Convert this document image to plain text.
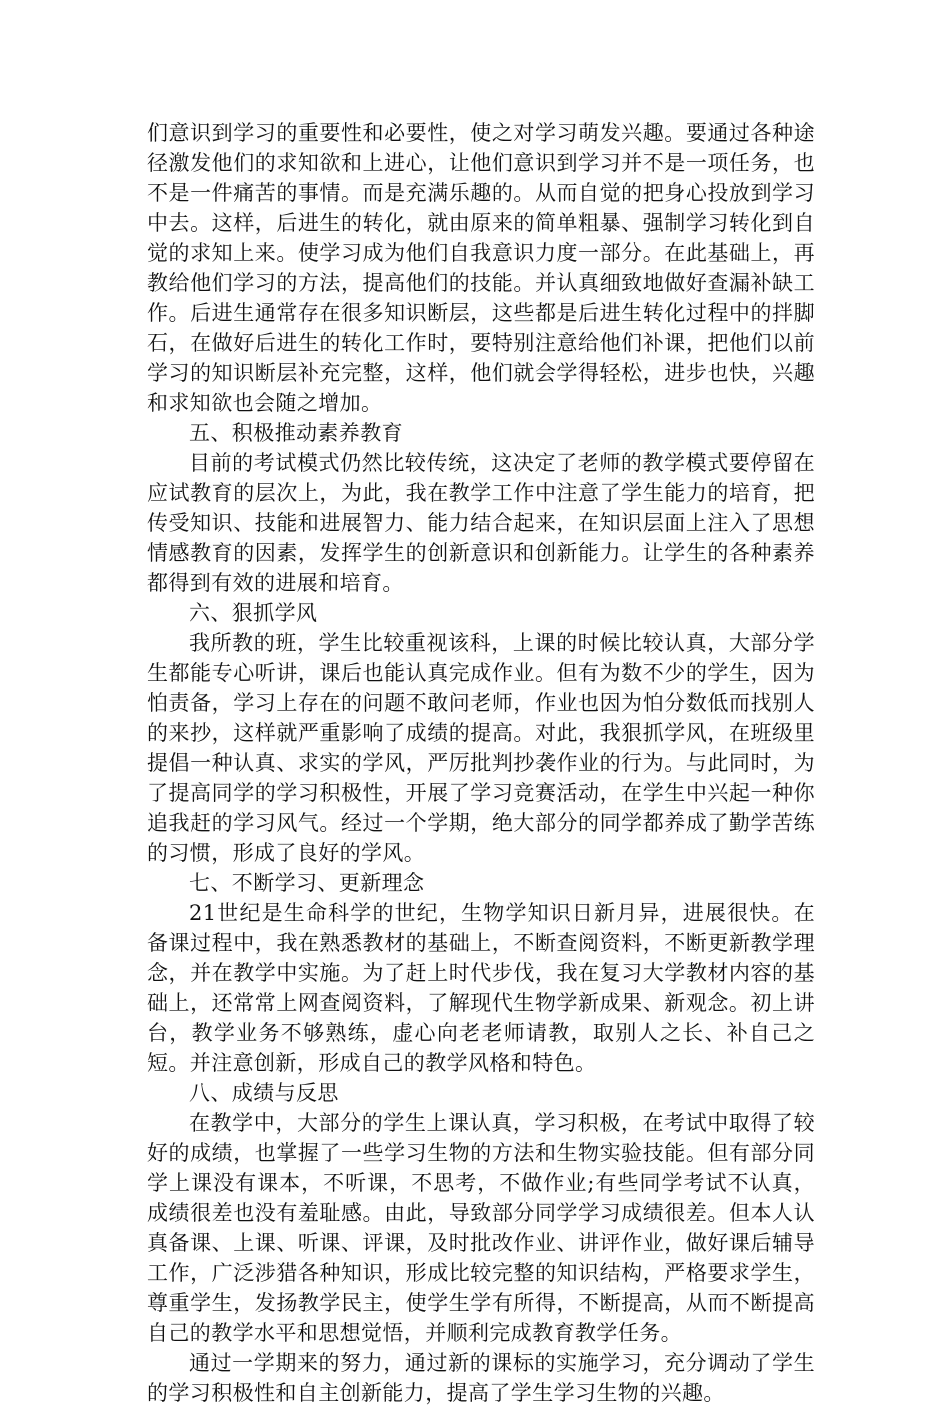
们意识到学习的重要性和必要性，使之对学习萌发兴趣。要通过各种途径激发他们的求知欲和上进心，让他们意识到学习并不是一项任务，也不是一件痛苦的事情。而是充满乐趣的。从而自觉的把身心投放到学习中去。这样，后进生的转化，就由原来的简单粗暴、强制学习转化到自觉的求知上来。使学习成为他们自我意识力度一部分。在此基础上，再教给他们学习的方法，提高他们的技能。并认真细致地做好查漏补缺工作。后进生通常存在很多知识断层，这些都是后进生转化过程中的拌脚石，在做好后进生的转化工作时，要特别注意给他们补课，把他们以前学习的知识断层补充完整，这样，他们就会学得轻松，进步也快，兴趣和求知欲也会随之增加。

五、积极推动素养教育

目前的考试模式仍然比较传统，这决定了老师的教学模式要停留在应试教育的层次上，为此，我在教学工作中注意了学生能力的培育，把传受知识、技能和进展智力、能力结合起来，在知识层面上注入了思想情感教育的因素，发挥学生的创新意识和创新能力。让学生的各种素养都得到有效的进展和培育。

六、狠抓学风

我所教的班，学生比较重视该科，上课的时候比较认真，大部分学生都能专心听讲，课后也能认真完成作业。但有为数不少的学生，因为怕责备，学习上存在的问题不敢问老师，作业也因为怕分数低而找别人的来抄，这样就严重影响了成绩的提高。对此，我狠抓学风，在班级里提倡一种认真、求实的学风，严厉批判抄袭作业的行为。与此同时，为了提高同学的学习积极性，开展了学习竞赛活动，在学生中兴起一种你追我赶的学习风气。经过一个学期，绝大部分的同学都养成了勤学苦练的习惯，形成了良好的学风。

七、不断学习、更新理念

21世纪是生命科学的世纪，生物学知识日新月异，进展很快。在备课过程中，我在熟悉教材的基础上，不断查阅资料，不断更新教学理念，并在教学中实施。为了赶上时代步伐，我在复习大学教材内容的基础上，还常常上网查阅资料，了解现代生物学新成果、新观念。初上讲台，教学业务不够熟练，虚心向老老师请教，取别人之长、补自己之短。并注意创新，形成自己的教学风格和特色。

八、成绩与反思

在教学中，大部分的学生上课认真，学习积极，在考试中取得了较好的成绩，也掌握了一些学习生物的方法和生物实验技能。但有部分同学上课没有课本，不听课，不思考，不做作业;有些同学考试不认真，成绩很差也没有羞耻感。由此，导致部分同学学习成绩很差。但本人认真备课、上课、听课、评课，及时批改作业、讲评作业，做好课后辅导工作，广泛涉猎各种知识，形成比较完整的知识结构，严格要求学生，尊重学生，发扬教学民主，使学生学有所得，不断提高，从而不断提高自己的教学水平和思想觉悟，并顺利完成教育教学任务。

通过一学期来的努力，通过新的课标的实施学习，充分调动了学生的学习积极性和自主创新能力，提高了学生学习生物的兴趣。
